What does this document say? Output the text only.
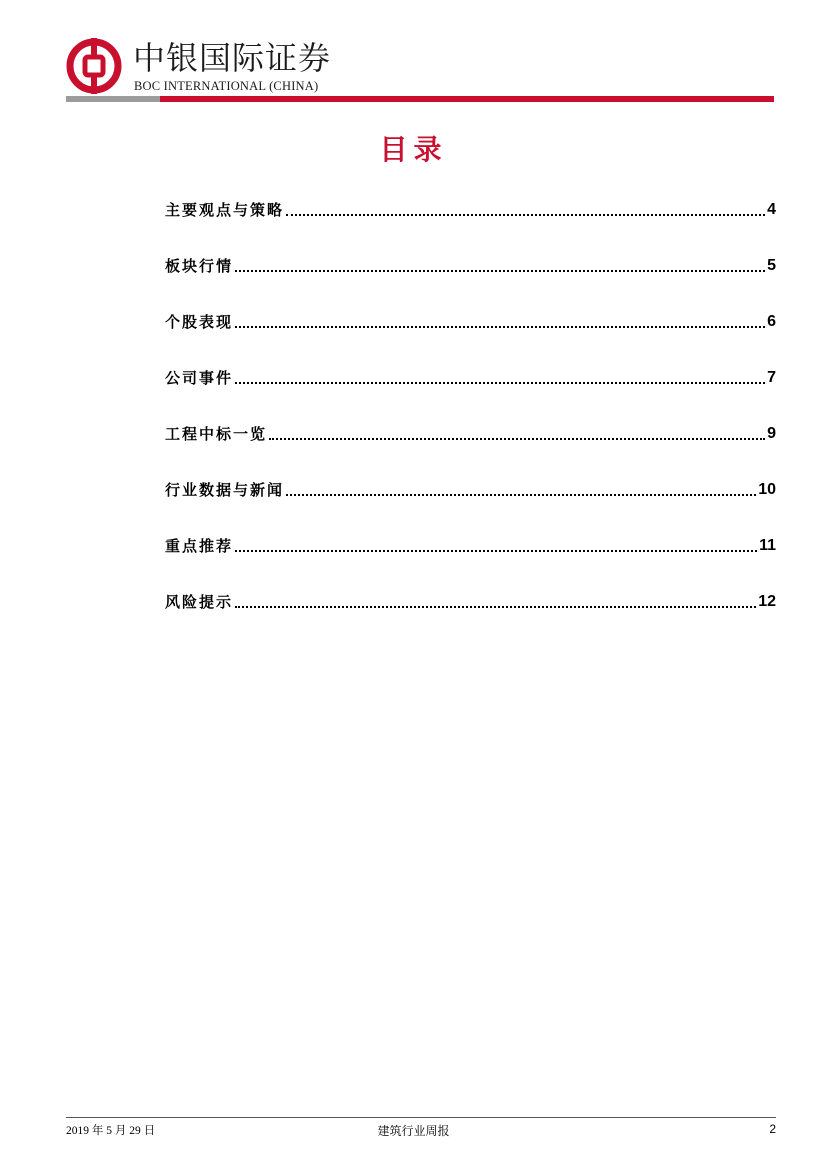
中银国际证券
BOC INTERNATIONAL (CHINA)
目录
主要观点与策略	4
板块行情	5
个股表现	6
公司事件	7
工程中标一览	9
行业数据与新闻	10
重点推荐	11
风险提示	12
2019 年 5 月 29 日	建筑行业周报	2
